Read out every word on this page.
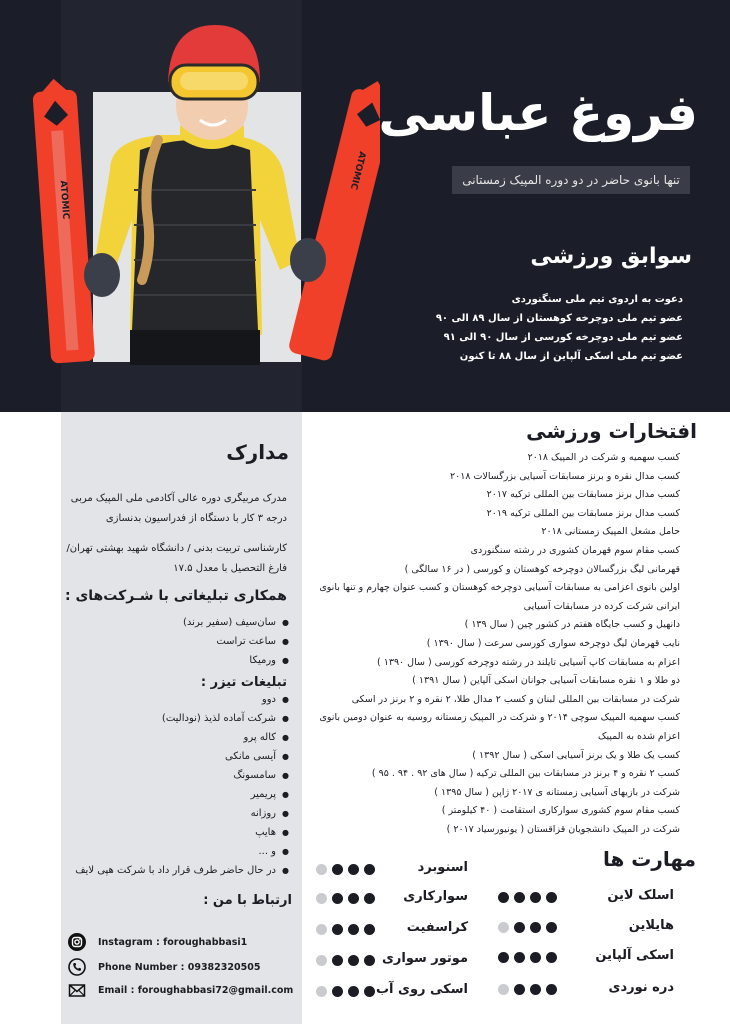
ATOMIC
ATOMIC
فروغ عباسی
تنها بانوی حاضر در دو دوره المپیک زمستانی
سوابق ورزشی
دعوت به اردوی تیم ملی سنگنوردی
عضو تیم ملی دوچرخه کوهستان از سال ۸۹ الی ۹۰
عضو تیم ملی دوچرخه کورسی از سال ۹۰ الی ۹۱
عضو تیم ملی اسکی آلپاین از سال ۸۸ تا کنون
مدارک

مدرک مربیگری دوره عالی آکادمی ملی المپیک مربی درجه ۳ کار با دستگاه از فدراسیون بدنسازی

کارشناسی تربیت بدنی / دانشگاه شهید بهشتی تهران/ فارغ التحصیل با معدل ۱۷.۵

همکاری تبلیغاتی با شـرکت‌های :
● سان‌سیف (سفیر برند)
● ساعت تراست
● ورمیکا
تبلیغات تیزر :
● دوو
● شرکت آماده لذیذ (نودالیت)
● کاله پرو
● آیسی مانکی
● سامسونگ
● پریمیر
● روزانه
● هایپ
● و ...
● در حال حاضر طرف قرار داد با شرکت هپی لایف
ارتباط با من :
Instagram : foroughabbasi1
Phone Number : 09382320505
Email : foroughabbasi72@gmail.com
افتخارات ورزشی
کسب سهمیه و شرکت در المپیک ۲۰۱۸
کسب مدال نقره و برنز مسابقات آسیایی بزرگسالات ۲۰۱۸
کسب مدال برنز مسابقات بین المللی ترکیه ۲۰۱۷
کسب مدال برنز مسابقات بین المللی ترکیه ۲۰۱۹
حامل مشعل المپیک زمستانی ۲۰۱۸
کسب مقام سوم قهرمان کشوری در رشته سنگنوردی
قهرمانی لیگ بزرگسالان دوچرخه کوهستان و کورسی ( در ۱۶ سالگی )
اولین بانوی اعزامی به مسابقات آسیایی دوچرخه کوهستان و کسب عنوان چهارم و تنها بانوی ایرانی شرکت کرده در مسابقات آسیایی
دانهیل و کسب جایگاه هفتم در کشور چین ( سال ۱۳۹ )
نایب قهرمان لیگ دوچرخه سواری کورسی سرعت ( سال ۱۳۹۰ )
اعزام به مسابقات کاپ آسیایی تایلند در رشته دوچرخه کورسی ( سال ۱۳۹۰ )
دو طلا و ۱ نقره مسابقات آسیایی جوانان اسکی آلپاین ( سال ۱۳۹۱ )
شرکت در مسابقات بین المللی لبنان و کسب ۲ مدال طلا، ۲ نقره و ۲ برنز در اسکی
کسب سهمیه المپیک سوچی ۲۰۱۴ و شرکت در المپیک زمستانه روسیه به عنوان دومین بانوی اعزام شده به المپیک
کسب یک طلا و یک برنز آسیایی اسکی ( سال ۱۳۹۲ )
کسب ۲ نقره و ۴ برنز در مسابقات بین المللی ترکیه ( سال های ۹۲ . ۹۴ . ۹۵ )
شرکت در بازیهای آسیایی زمستانه ی ۲۰۱۷ ژاپن ( سال ۱۳۹۵ )
کسب مقام سوم کشوری سوارکاری استقامت ( ۴۰ کیلومتر )
شرکت در المپیک دانشجویان قزاقستان ( یونیورسیاد ۲۰۱۷ )
مهارت ها
اسلک لاین
هایلاین
اسکی آلپاین
دره نوردی
اسنوبرد
سوارکاری
کراسفیت
موتور سواری
اسکی روی آب
